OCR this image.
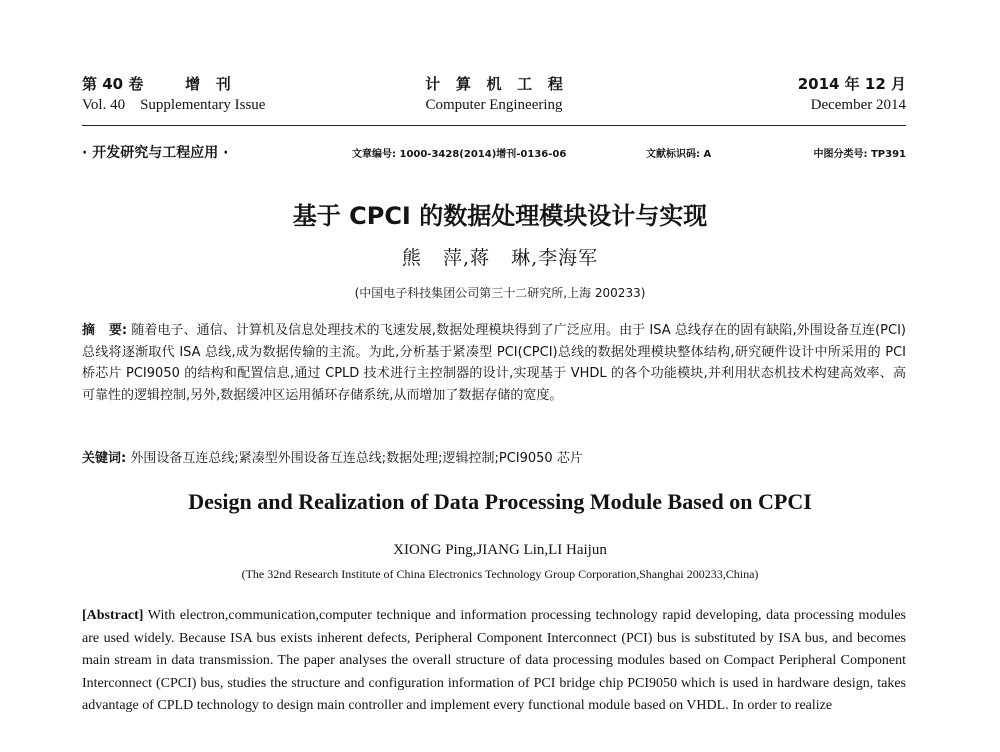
第 40 卷        增   刊
Vol. 40    Supplementary Issue
计   算   机   工   程
Computer Engineering
2014 年 12 月
December 2014
· 开发研究与工程应用 ·	文章编号: 1000-3428(2014)增刊-0136-06	文献标识码: A	中图分类号: TP391
基于 CPCI 的数据处理模块设计与实现
熊   萍,蒋   琳,李海军
(中国电子科技集团公司第三十二研究所,上海 200233)
摘   要: 随着电子、通信、计算机及信息处理技术的飞速发展,数据处理模块得到了广泛应用。由于 ISA 总线存在的固有缺陷,外围设备互连(PCI)总线将逐渐取代 ISA 总线,成为数据传输的主流。为此,分析基于紧凑型 PCI(CPCI)总线的数据处理模块整体结构,研究硬件设计中所采用的 PCI 桥芯片 PCI9050 的结构和配置信息,通过 CPLD 技术进行主控制器的设计,实现基于 VHDL 的各个功能模块,并利用状态机技术构建高效率、高可靠性的逻辑控制,另外,数据缓冲区运用循环存储系统,从而增加了数据存储的宽度。
关键词: 外围设备互连总线;紧凑型外围设备互连总线;数据处理;逻辑控制;PCI9050 芯片
Design and Realization of Data Processing Module Based on CPCI
XIONG Ping,JIANG Lin,LI Haijun
(The 32nd Research Institute of China Electronics Technology Group Corporation,Shanghai 200233,China)
[Abstract] With electron,communication,computer technique and information processing technology rapid developing, data processing modules are used widely. Because ISA bus exists inherent defects, Peripheral Component Interconnect (PCI) bus is substituted by ISA bus, and becomes main stream in data transmission. The paper analyses the overall structure of data processing modules based on Compact Peripheral Component Interconnect (CPCI) bus, studies the structure and configuration information of PCI bridge chip PCI9050 which is used in hardware design, takes advantage of CPLD technology to design main controller and implement every functional module based on VHDL. In order to realize
